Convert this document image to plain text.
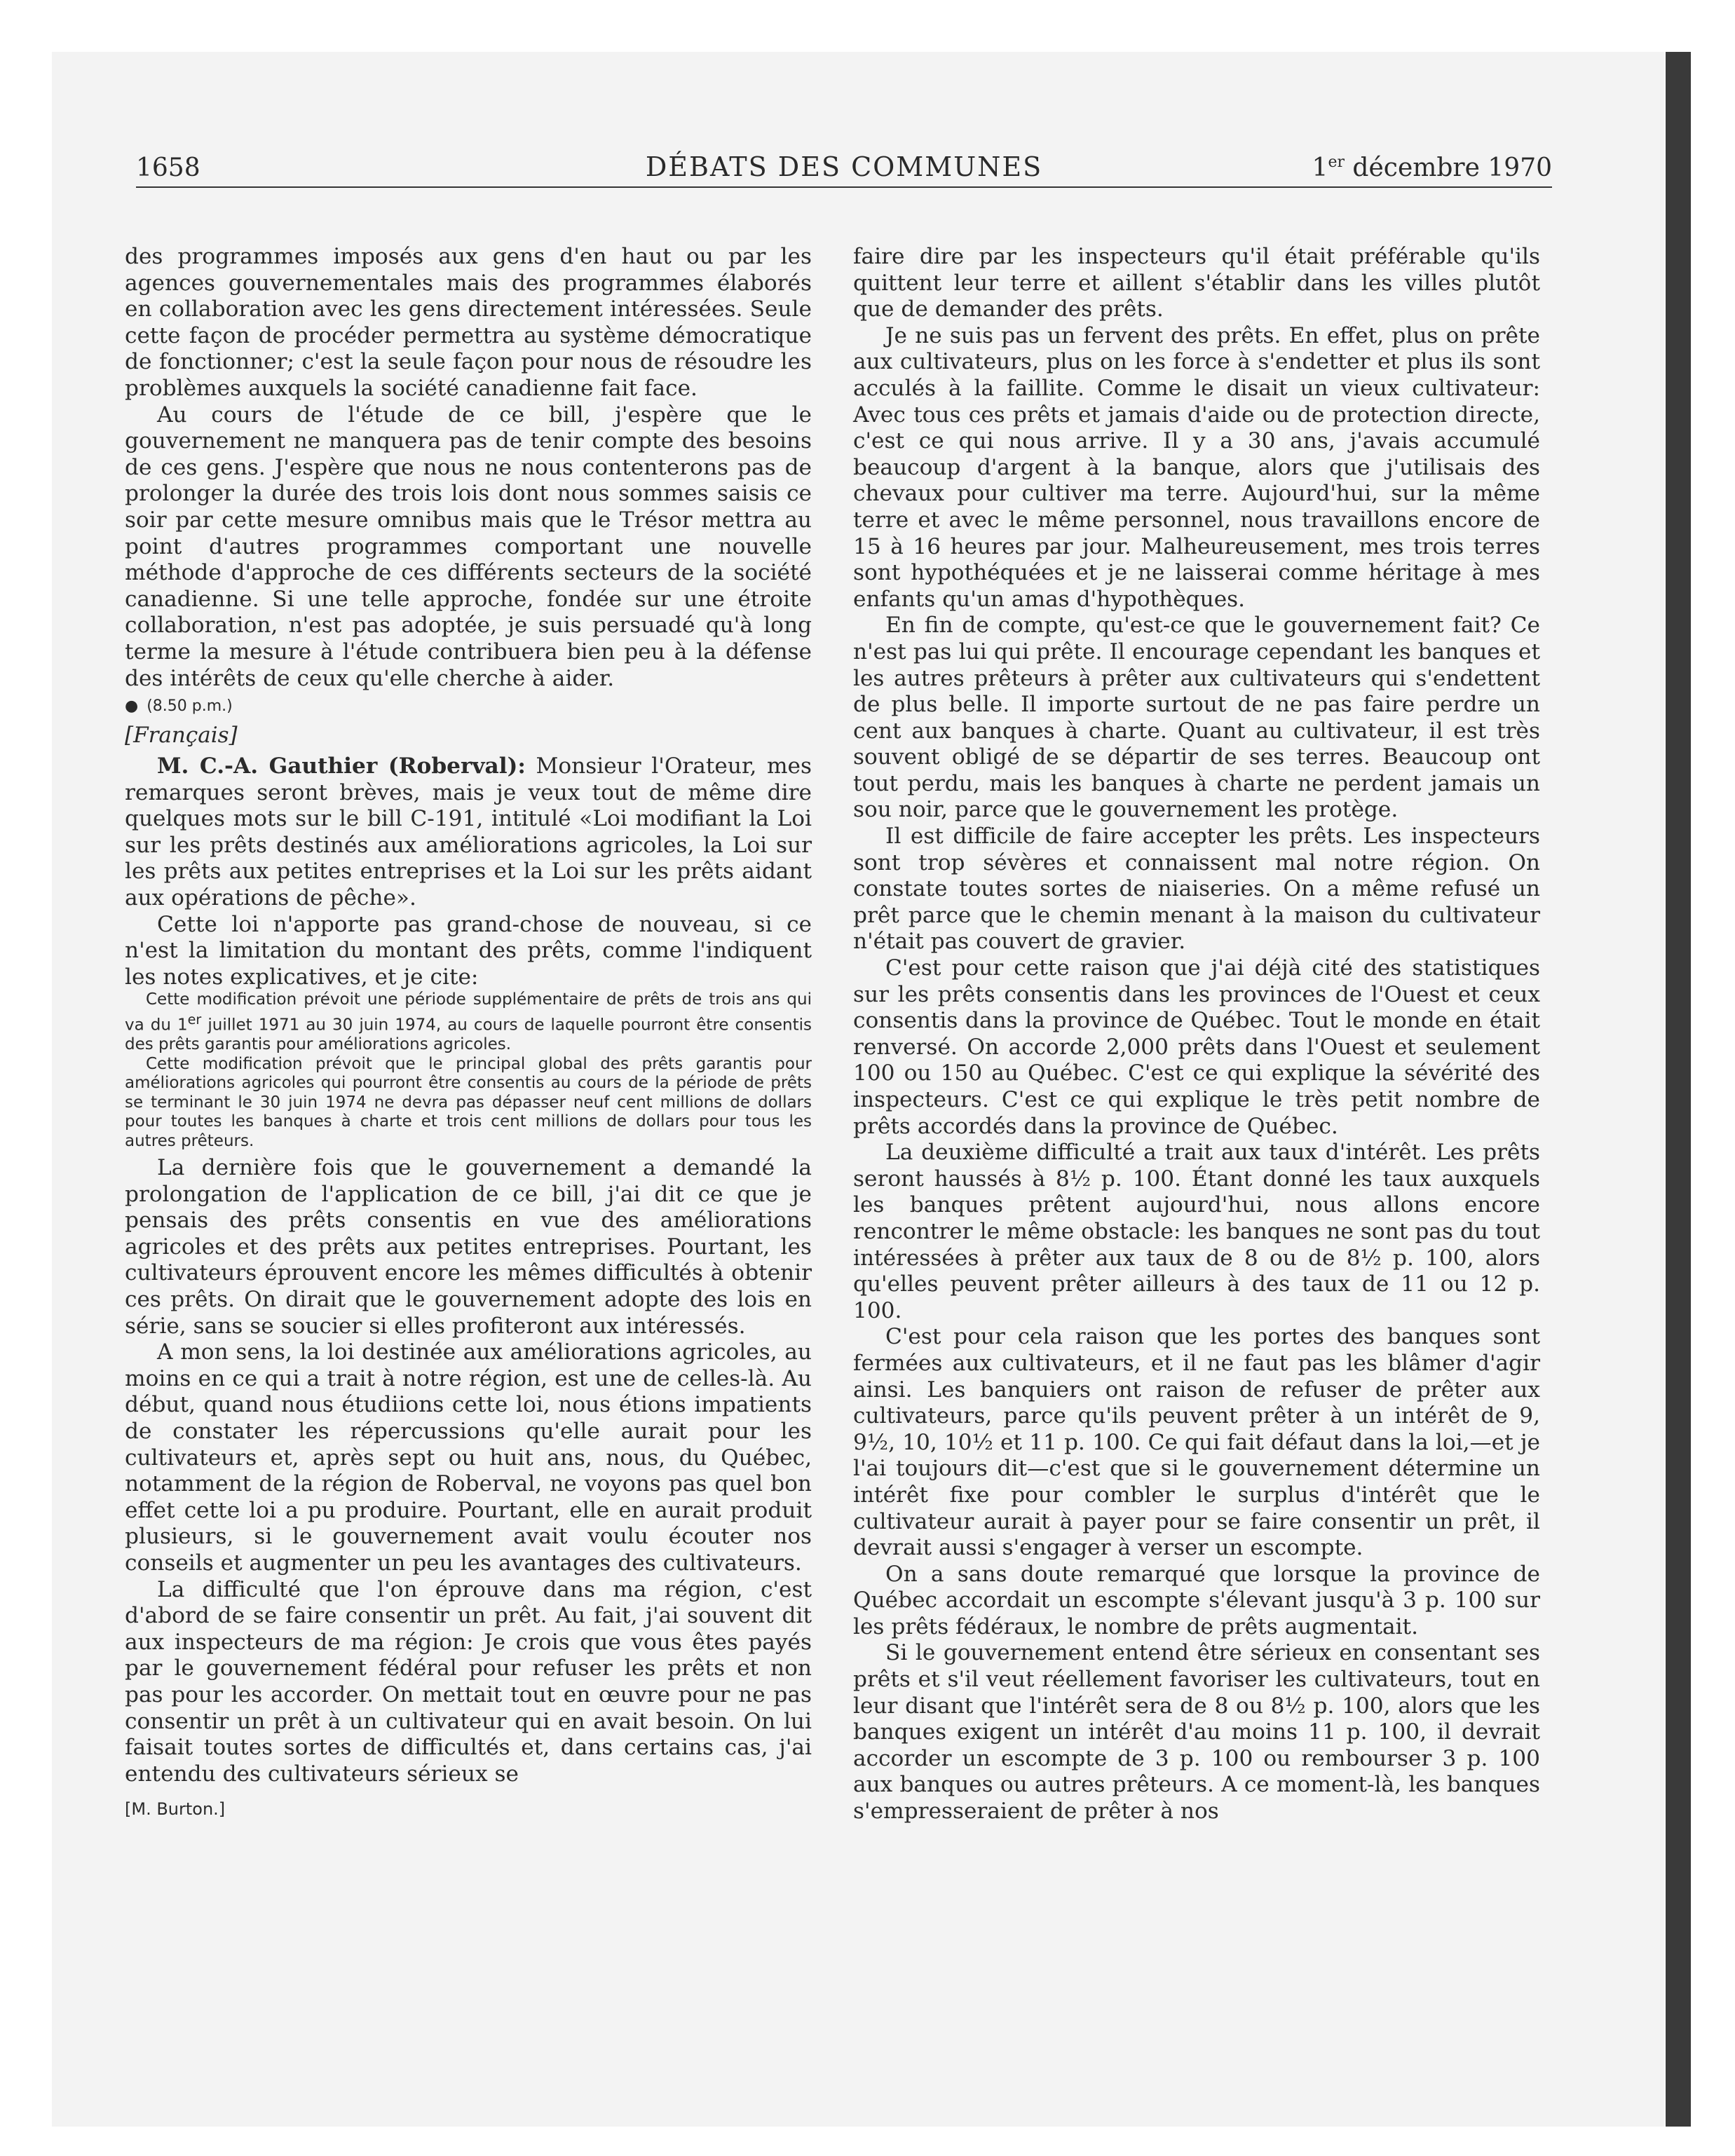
1658	DÉBATS DES COMMUNES	1er décembre 1970

des programmes imposés aux gens d'en haut ou par les agences gouvernementales mais des programmes élaborés en collaboration avec les gens directement intéressées. Seule cette façon de procéder permettra au système démocratique de fonctionner; c'est la seule façon pour nous de résoudre les problèmes auxquels la société canadienne fait face.

Au cours de l'étude de ce bill, j'espère que le gouvernement ne manquera pas de tenir compte des besoins de ces gens. J'espère que nous ne nous contenterons pas de prolonger la durée des trois lois dont nous sommes saisis ce soir par cette mesure omnibus mais que le Trésor mettra au point d'autres programmes comportant une nouvelle méthode d'approche de ces différents secteurs de la société canadienne. Si une telle approche, fondée sur une étroite collaboration, n'est pas adoptée, je suis persuadé qu'à long terme la mesure à l'étude contribuera bien peu à la défense des intérêts de ceux qu'elle cherche à aider.

● (8.50 p.m.)
[Français]

M. C.-A. Gauthier (Roberval): Monsieur l'Orateur, mes remarques seront brèves, mais je veux tout de même dire quelques mots sur le bill C-191, intitulé «Loi modifiant la Loi sur les prêts destinés aux améliorations agricoles, la Loi sur les prêts aux petites entreprises et la Loi sur les prêts aidant aux opérations de pêche».

Cette loi n'apporte pas grand-chose de nouveau, si ce n'est la limitation du montant des prêts, comme l'indiquent les notes explicatives, et je cite:

Cette modification prévoit une période supplémentaire de prêts de trois ans qui va du 1er juillet 1971 au 30 juin 1974, au cours de laquelle pourront être consentis des prêts garantis pour améliorations agricoles.

Cette modification prévoit que le principal global des prêts garantis pour améliorations agricoles qui pourront être consentis au cours de la période de prêts se terminant le 30 juin 1974 ne devra pas dépasser neuf cent millions de dollars pour toutes les banques à charte et trois cent millions de dollars pour tous les autres prêteurs.

La dernière fois que le gouvernement a demandé la prolongation de l'application de ce bill, j'ai dit ce que je pensais des prêts consentis en vue des améliorations agricoles et des prêts aux petites entreprises. Pourtant, les cultivateurs éprouvent encore les mêmes difficultés à obtenir ces prêts. On dirait que le gouvernement adopte des lois en série, sans se soucier si elles profiteront aux intéressés.

A mon sens, la loi destinée aux améliorations agricoles, au moins en ce qui a trait à notre région, est une de celles-là. Au début, quand nous étudiions cette loi, nous étions impatients de constater les répercussions qu'elle aurait pour les cultivateurs et, après sept ou huit ans, nous, du Québec, notamment de la région de Roberval, ne voyons pas quel bon effet cette loi a pu produire. Pourtant, elle en aurait produit plusieurs, si le gouvernement avait voulu écouter nos conseils et augmenter un peu les avantages des cultivateurs.

La difficulté que l'on éprouve dans ma région, c'est d'abord de se faire consentir un prêt. Au fait, j'ai souvent dit aux inspecteurs de ma région: Je crois que vous êtes payés par le gouvernement fédéral pour refuser les prêts et non pas pour les accorder. On mettait tout en œuvre pour ne pas consentir un prêt à un cultivateur qui en avait besoin. On lui faisait toutes sortes de difficultés et, dans certains cas, j'ai entendu des cultivateurs sérieux se

[M. Burton.]

faire dire par les inspecteurs qu'il était préférable qu'ils quittent leur terre et aillent s'établir dans les villes plutôt que de demander des prêts.

Je ne suis pas un fervent des prêts. En effet, plus on prête aux cultivateurs, plus on les force à s'endetter et plus ils sont acculés à la faillite. Comme le disait un vieux cultivateur: Avec tous ces prêts et jamais d'aide ou de protection directe, c'est ce qui nous arrive. Il y a 30 ans, j'avais accumulé beaucoup d'argent à la banque, alors que j'utilisais des chevaux pour cultiver ma terre. Aujourd'hui, sur la même terre et avec le même personnel, nous travaillons encore de 15 à 16 heures par jour. Malheureusement, mes trois terres sont hypothéquées et je ne laisserai comme héritage à mes enfants qu'un amas d'hypothèques.

En fin de compte, qu'est-ce que le gouvernement fait? Ce n'est pas lui qui prête. Il encourage cependant les banques et les autres prêteurs à prêter aux cultivateurs qui s'endettent de plus belle. Il importe surtout de ne pas faire perdre un cent aux banques à charte. Quant au cultivateur, il est très souvent obligé de se départir de ses terres. Beaucoup ont tout perdu, mais les banques à charte ne perdent jamais un sou noir, parce que le gouvernement les protège.

Il est difficile de faire accepter les prêts. Les inspecteurs sont trop sévères et connaissent mal notre région. On constate toutes sortes de niaiseries. On a même refusé un prêt parce que le chemin menant à la maison du cultivateur n'était pas couvert de gravier.

C'est pour cette raison que j'ai déjà cité des statistiques sur les prêts consentis dans les provinces de l'Ouest et ceux consentis dans la province de Québec. Tout le monde en était renversé. On accorde 2,000 prêts dans l'Ouest et seulement 100 ou 150 au Québec. C'est ce qui explique la sévérité des inspecteurs. C'est ce qui explique le très petit nombre de prêts accordés dans la province de Québec.

La deuxième difficulté a trait aux taux d'intérêt. Les prêts seront haussés à 8½ p. 100. Étant donné les taux auxquels les banques prêtent aujourd'hui, nous allons encore rencontrer le même obstacle: les banques ne sont pas du tout intéressées à prêter aux taux de 8 ou de 8½ p. 100, alors qu'elles peuvent prêter ailleurs à des taux de 11 ou 12 p. 100.

C'est pour cela raison que les portes des banques sont fermées aux cultivateurs, et il ne faut pas les blâmer d'agir ainsi. Les banquiers ont raison de refuser de prêter aux cultivateurs, parce qu'ils peuvent prêter à un intérêt de 9, 9½, 10, 10½ et 11 p. 100. Ce qui fait défaut dans la loi,—et je l'ai toujours dit—c'est que si le gouvernement détermine un intérêt fixe pour combler le surplus d'intérêt que le cultivateur aurait à payer pour se faire consentir un prêt, il devrait aussi s'engager à verser un escompte.

On a sans doute remarqué que lorsque la province de Québec accordait un escompte s'élevant jusqu'à 3 p. 100 sur les prêts fédéraux, le nombre de prêts augmentait.

Si le gouvernement entend être sérieux en consentant ses prêts et s'il veut réellement favoriser les cultivateurs, tout en leur disant que l'intérêt sera de 8 ou 8½ p. 100, alors que les banques exigent un intérêt d'au moins 11 p. 100, il devrait accorder un escompte de 3 p. 100 ou rembourser 3 p. 100 aux banques ou autres prêteurs. A ce moment-là, les banques s'empresseraient de prêter à nos
